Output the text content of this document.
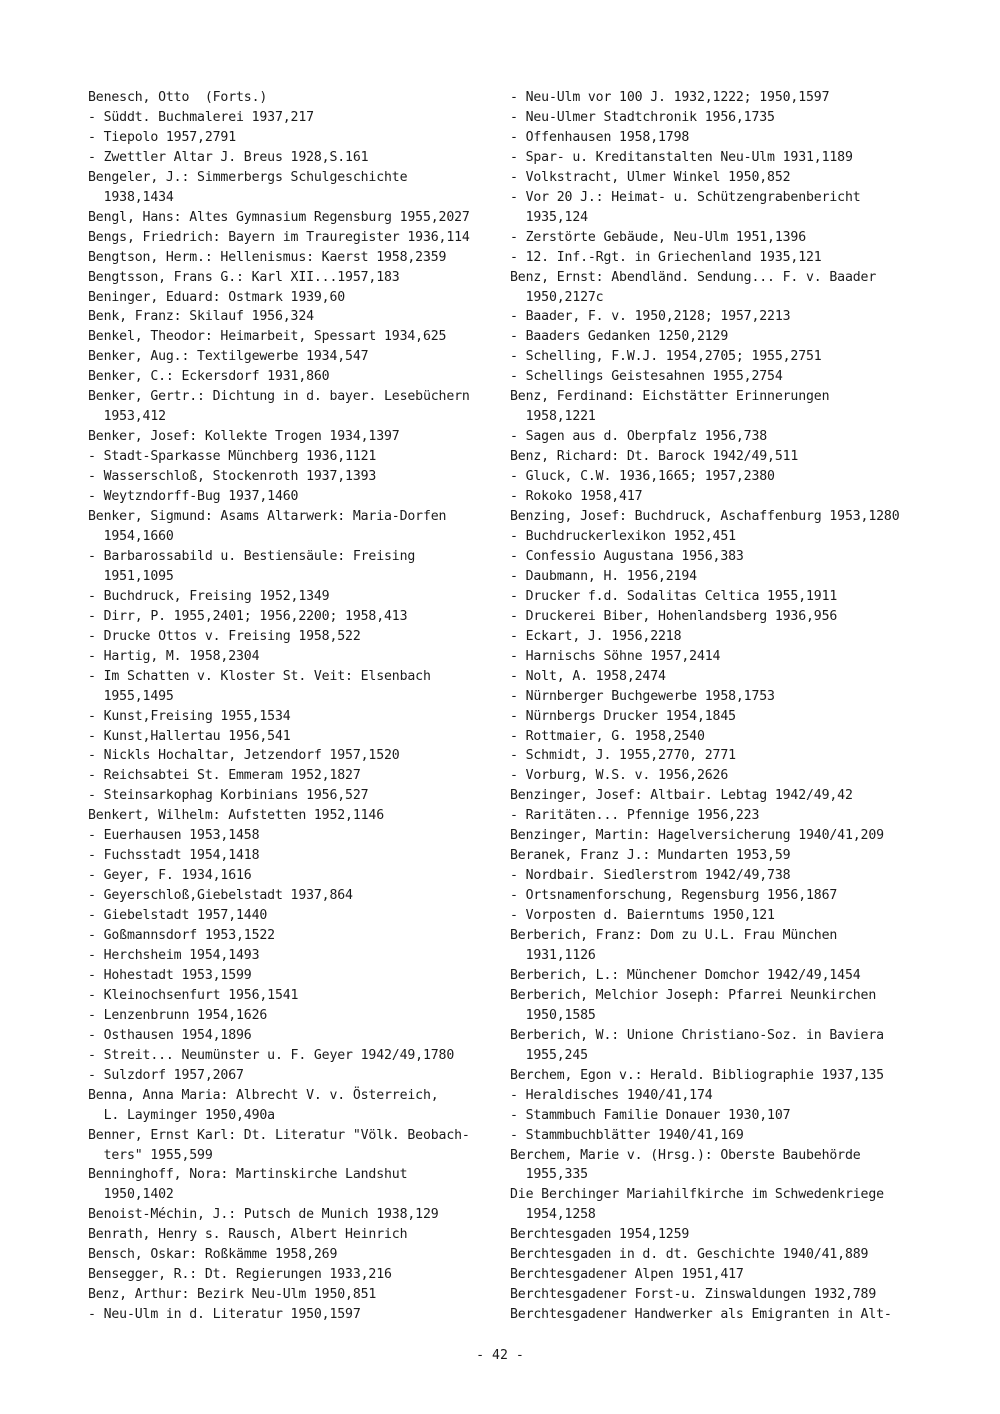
Benesch, Otto  (Forts.)
- Süddt. Buchmalerei 1937,217
- Tiepolo 1957,2791
- Zwettler Altar J. Breus 1928,S.161
Bengeler, J.: Simmerbergs Schulgeschichte
1938,1434
Bengl, Hans: Altes Gymnasium Regensburg 1955,2027
Bengs, Friedrich: Bayern im Trauregister 1936,114
Bengtson, Herm.: Hellenismus: Kaerst 1958,2359
Bengtsson, Frans G.: Karl XII...1957,183
Beninger, Eduard: Ostmark 1939,60
Benk, Franz: Skilauf 1956,324
Benkel, Theodor: Heimarbeit, Spessart 1934,625
Benker, Aug.: Textilgewerbe 1934,547
Benker, C.: Eckersdorf 1931,860
Benker, Gertr.: Dichtung in d. bayer. Lesebüchern
1953,412
Benker, Josef: Kollekte Trogen 1934,1397
- Stadt-Sparkasse Münchberg 1936,1121
- Wasserschloß, Stockenroth 1937,1393
- Weytzndorff-Bug 1937,1460
Benker, Sigmund: Asams Altarwerk: Maria-Dorfen
1954,1660
- Barbarossabild u. Bestiensäule: Freising
1951,1095
- Buchdruck, Freising 1952,1349
- Dirr, P. 1955,2401; 1956,2200; 1958,413
- Drucke Ottos v. Freising 1958,522
- Hartig, M. 1958,2304
- Im Schatten v. Kloster St. Veit: Elsenbach
1955,1495
- Kunst,Freising 1955,1534
- Kunst,Hallertau 1956,541
- Nickls Hochaltar, Jetzendorf 1957,1520
- Reichsabtei St. Emmeram 1952,1827
- Steinsarkophag Korbinians 1956,527
Benkert, Wilhelm: Aufstetten 1952,1146
- Euerhausen 1953,1458
- Fuchsstadt 1954,1418
- Geyer, F. 1934,1616
- Geyerschloß,Giebelstadt 1937,864
- Giebelstadt 1957,1440
- Goßmannsdorf 1953,1522
- Herchsheim 1954,1493
- Hohestadt 1953,1599
- Kleinochsenfurt 1956,1541
- Lenzenbrunn 1954,1626
- Osthausen 1954,1896
- Streit... Neumünster u. F. Geyer 1942/49,1780
- Sulzdorf 1957,2067
Benna, Anna Maria: Albrecht V. v. Österreich,
L. Layminger 1950,490a
Benner, Ernst Karl: Dt. Literatur "Völk. Beobach-
ters" 1955,599
Benninghoff, Nora: Martinskirche Landshut
1950,1402
Benoist-Méchin, J.: Putsch de Munich 1938,129
Benrath, Henry s. Rausch, Albert Heinrich
Bensch, Oskar: Roßkämme 1958,269
Bensegger, R.: Dt. Regierungen 1933,216
Benz, Arthur: Bezirk Neu-Ulm 1950,851
- Neu-Ulm in d. Literatur 1950,1597
- Neu-Ulm vor 100 J. 1932,1222; 1950,1597
- Neu-Ulmer Stadtchronik 1956,1735
- Offenhausen 1958,1798
- Spar- u. Kreditanstalten Neu-Ulm 1931,1189
- Volkstracht, Ulmer Winkel 1950,852
- Vor 20 J.: Heimat- u. Schützengrabenbericht
1935,124
- Zerstörte Gebäude, Neu-Ulm 1951,1396
- 12. Inf.-Rgt. in Griechenland 1935,121
Benz, Ernst: Abendländ. Sendung... F. v. Baader
1950,2127c
- Baader, F. v. 1950,2128; 1957,2213
- Baaders Gedanken 1250,2129
- Schelling, F.W.J. 1954,2705; 1955,2751
- Schellings Geistesahnen 1955,2754
Benz, Ferdinand: Eichstätter Erinnerungen
1958,1221
- Sagen aus d. Oberpfalz 1956,738
Benz, Richard: Dt. Barock 1942/49,511
- Gluck, C.W. 1936,1665; 1957,2380
- Rokoko 1958,417
Benzing, Josef: Buchdruck, Aschaffenburg 1953,1280
- Buchdruckerlexikon 1952,451
- Confessio Augustana 1956,383
- Daubmann, H. 1956,2194
- Drucker f.d. Sodalitas Celtica 1955,1911
- Druckerei Biber, Hohenlandsberg 1936,956
- Eckart, J. 1956,2218
- Harnischs Söhne 1957,2414
- Nolt, A. 1958,2474
- Nürnberger Buchgewerbe 1958,1753
- Nürnbergs Drucker 1954,1845
- Rottmaier, G. 1958,2540
- Schmidt, J. 1955,2770, 2771
- Vorburg, W.S. v. 1956,2626
Benzinger, Josef: Altbair. Lebtag 1942/49,42
- Raritäten... Pfennige 1956,223
Benzinger, Martin: Hagelversicherung 1940/41,209
Beranek, Franz J.: Mundarten 1953,59
- Nordbair. Siedlerstrom 1942/49,738
- Ortsnamenforschung, Regensburg 1956,1867
- Vorposten d. Baierntums 1950,121
Berberich, Franz: Dom zu U.L. Frau München
1931,1126
Berberich, L.: Münchener Domchor 1942/49,1454
Berberich, Melchior Joseph: Pfarrei Neunkirchen
1950,1585
Berberich, W.: Unione Christiano-Soz. in Baviera
1955,245
Berchem, Egon v.: Herald. Bibliographie 1937,135
- Heraldisches 1940/41,174
- Stammbuch Familie Donauer 1930,107
- Stammbuchblätter 1940/41,169
Berchem, Marie v. (Hrsg.): Oberste Baubehörde
1955,335
Die Berchinger Mariahilfkirche im Schwedenkriege
1954,1258
Berchtesgaden 1954,1259
Berchtesgaden in d. dt. Geschichte 1940/41,889
Berchtesgadener Alpen 1951,417
Berchtesgadener Forst-u. Zinswaldungen 1932,789
Berchtesgadener Handwerker als Emigranten in Alt-
- 42 -
